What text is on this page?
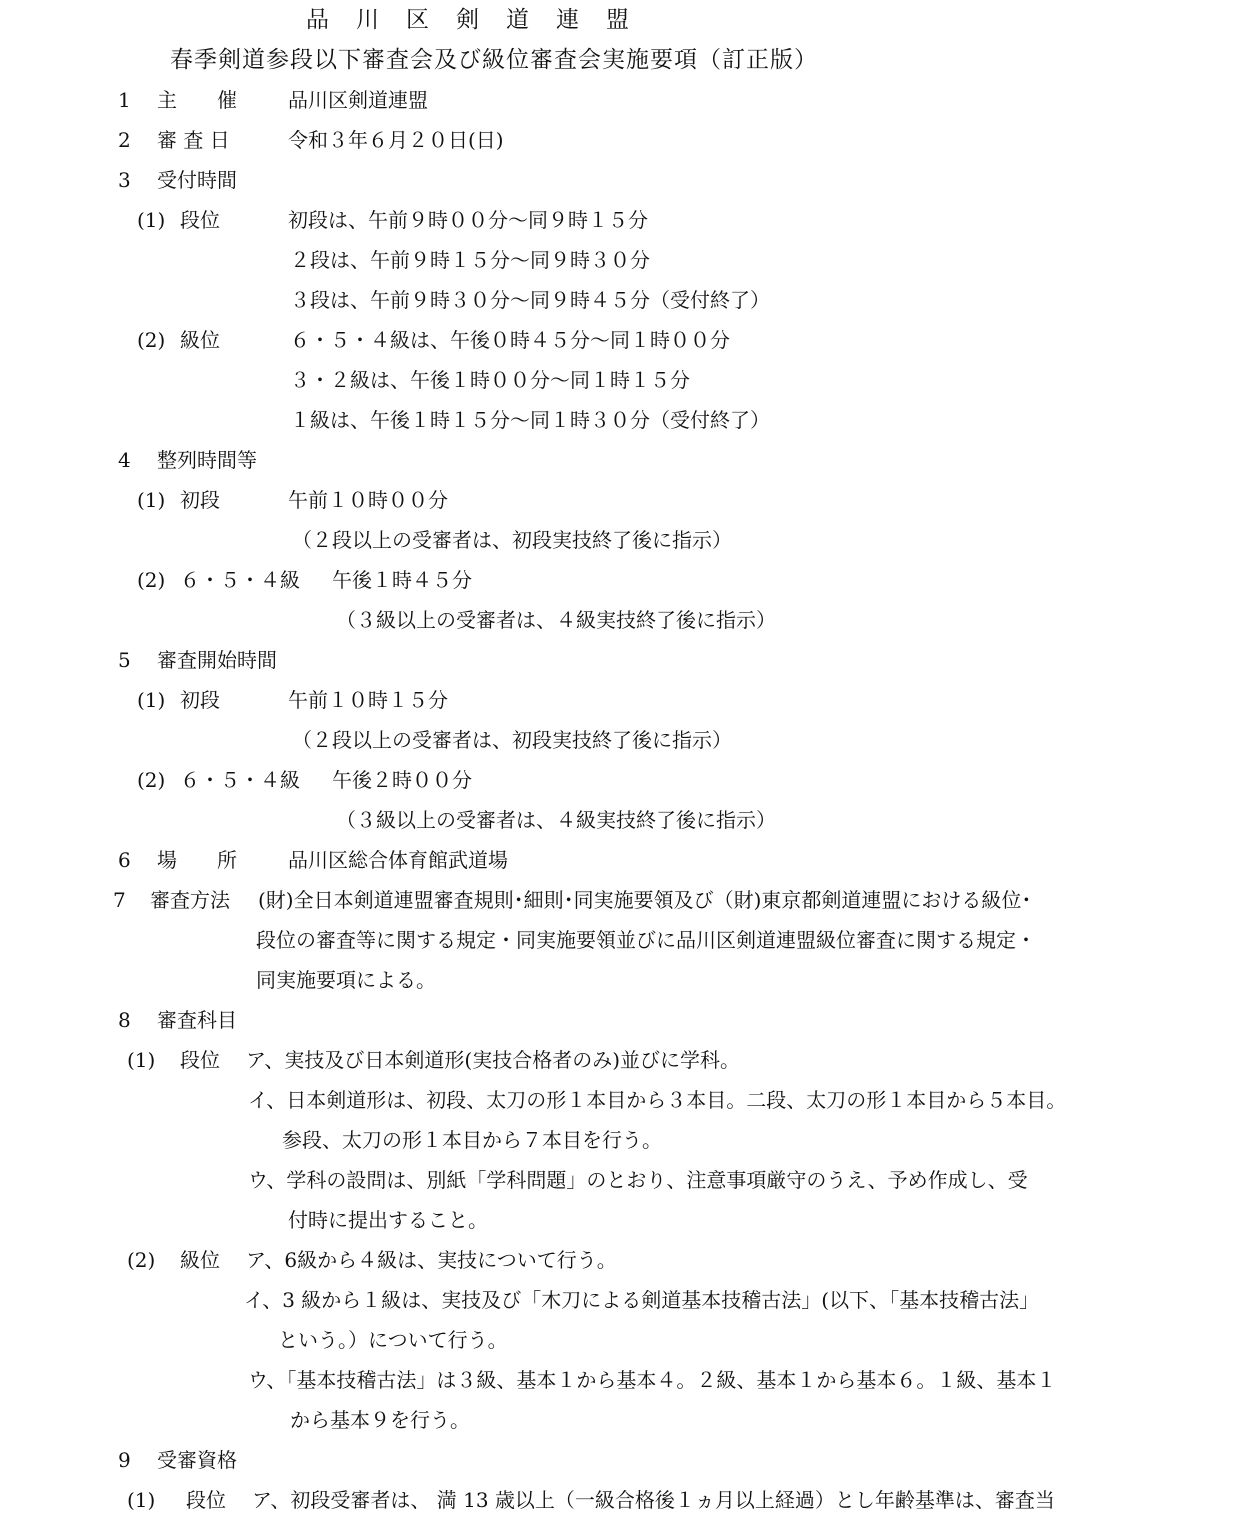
品川区剣道連盟
春季剣道参段以下審査会及び級位審査会実施要項（訂正版）
1 主　　催	品川区剣道連盟
2 審 査 日	令和３年６月２０日(日)
3 受付時間
(1) 段位	初段は、午前９時００分〜同９時１５分
２段は、午前９時１５分〜同９時３０分
３段は、午前９時３０分〜同９時４５分（受付終了）
(2) 級位	６・５・４級は、午後０時４５分〜同１時００分
３・２級は、午後１時００分〜同１時１５分
１級は、午後１時１５分〜同１時３０分（受付終了）
4 整列時間等
(1) 初段	午前１０時００分
（２段以上の受審者は、初段実技終了後に指示）
(2) ６・５・４級 午後１時４５分
（３級以上の受審者は、４級実技終了後に指示）
5 審査開始時間
(1) 初段	午前１０時１５分
（２段以上の受審者は、初段実技終了後に指示）
(2) ６・５・４級 午後２時００分
（３級以上の受審者は、４級実技終了後に指示）
6 場　　所	品川区総合体育館武道場
7 審査方法 (財)全日本剣道連盟審査規則･細則･同実施要領及び（財)東京都剣道連盟における級位･
段位の審査等に関する規定・同実施要領並びに品川区剣道連盟級位審査に関する規定・
同実施要項による。
8 審査科目
(1) 段位 ア、実技及び日本剣道形(実技合格者のみ)並びに学科。
イ、日本剣道形は、初段、太刀の形１本目から３本目。二段、太刀の形１本目から５本目。
参段、太刀の形１本目から７本目を行う。
ウ、学科の設問は、別紙「学科問題」のとおり、注意事項厳守のうえ、予め作成し、受
付時に提出すること。
(2) 級位 ア、6級から４級は、実技について行う。
イ、3 級から１級は、実技及び「木刀による剣道基本技稽古法」(以下、「基本技稽古法」
という。）について行う。
ウ、「基本技稽古法」は３級、基本１から基本４。２級、基本１から基本６。１級、基本１
から基本９を行う。
9 受審資格
(1) 段位 ア、初段受審者は、 満 13 歳以上（一級合格後１ヵ月以上経過）とし年齢基準は、審査当
